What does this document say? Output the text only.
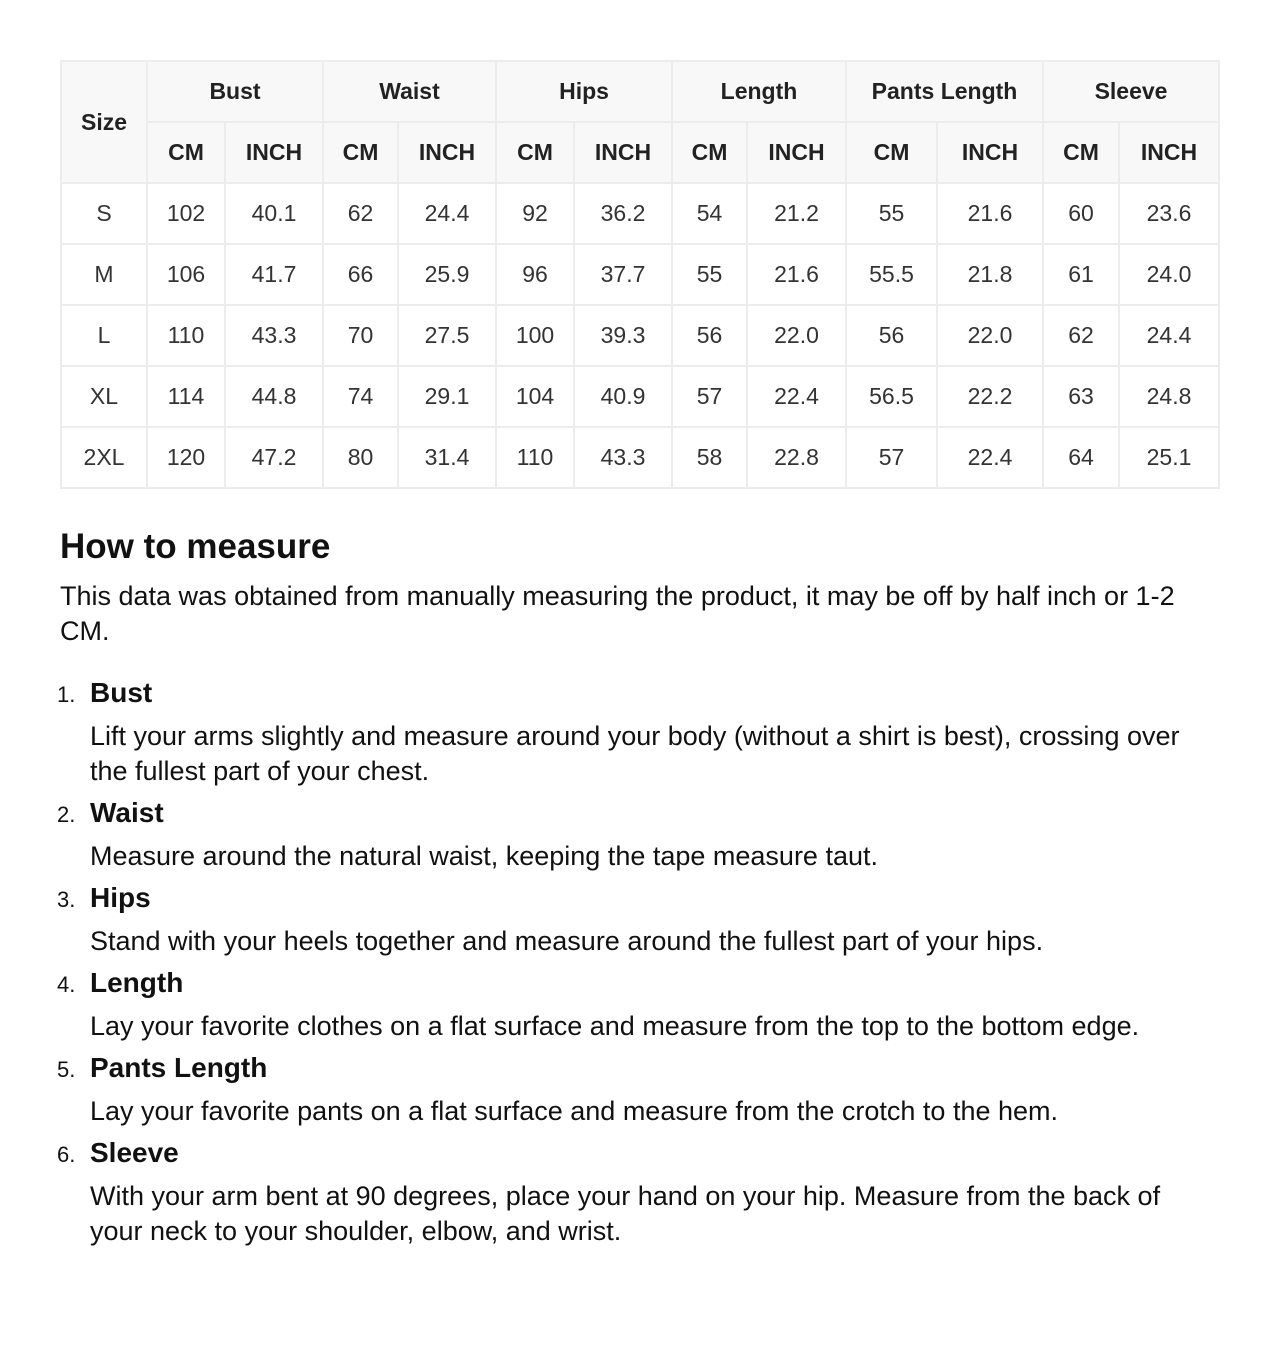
Size	Bust		Waist		Hips		Length		Pants Length		Sleeve	
	CM	INCH	CM	INCH	CM	INCH	CM	INCH	CM	INCH	CM	INCH
S	102	40.1	62	24.4	92	36.2	54	21.2	55	21.6	60	23.6
M	106	41.7	66	25.9	96	37.7	55	21.6	55.5	21.8	61	24.0
L	110	43.3	70	27.5	100	39.3	56	22.0	56	22.0	62	24.4
XL	114	44.8	74	29.1	104	40.9	57	22.4	56.5	22.2	63	24.8
2XL	120	47.2	80	31.4	110	43.3	58	22.8	57	22.4	64	25.1
How to measure

This data was obtained from manually measuring the product, it may be off by half inch or 1-2 CM.

1. Bust
Lift your arms slightly and measure around your body (without a shirt is best), crossing over the fullest part of your chest.
2. Waist
Measure around the natural waist, keeping the tape measure taut.
3. Hips
Stand with your heels together and measure around the fullest part of your hips.
4. Length
Lay your favorite clothes on a flat surface and measure from the top to the bottom edge.
5. Pants Length
Lay your favorite pants on a flat surface and measure from the crotch to the hem.
6. Sleeve
With your arm bent at 90 degrees, place your hand on your hip. Measure from the back of your neck to your shoulder, elbow, and wrist.
